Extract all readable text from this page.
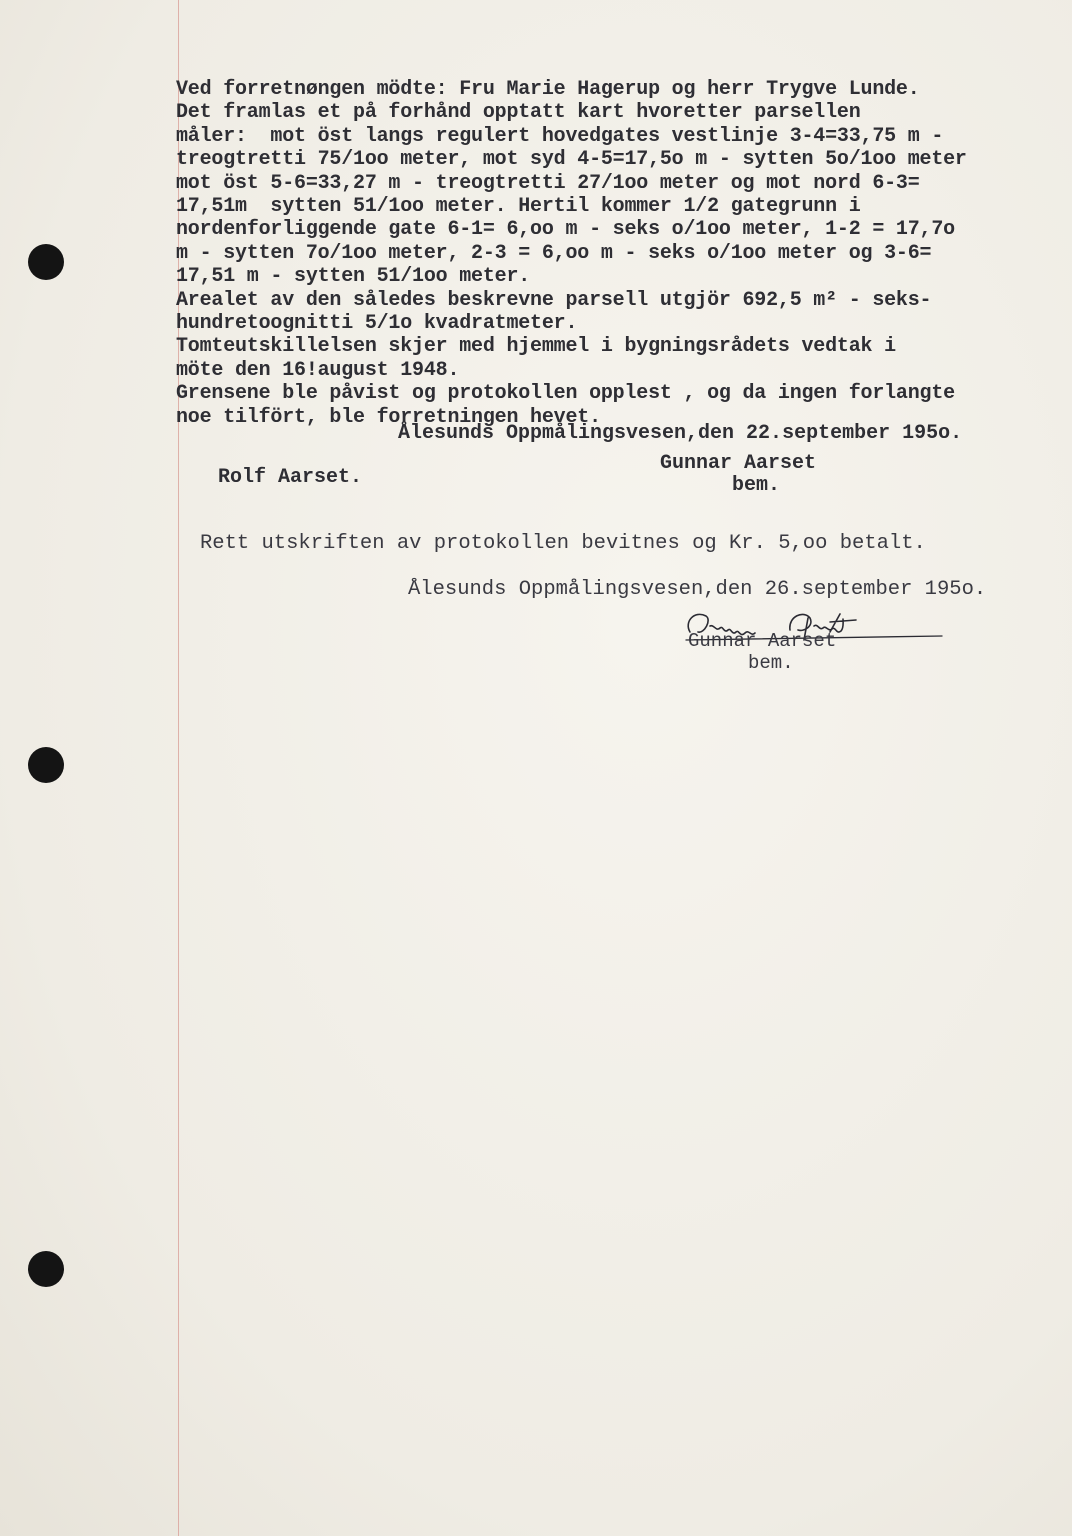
Ved forretnøngen mödte: Fru Marie Hagerup og herr Trygve Lunde.
Det framlas et på forhånd opptatt kart hvoretter parsellen
måler:  mot öst langs regulert hovedgates vestlinje 3-4=33,75 m -
treogtretti 75/1oo meter, mot syd 4-5=17,5o m - sytten 5o/1oo meter
mot öst 5-6=33,27 m - treogtretti 27/1oo meter og mot nord 6-3=
17,51m  sytten 51/1oo meter. Hertil kommer 1/2 gategrunn i
nordenforliggende gate 6-1= 6,oo m - seks o/1oo meter, 1-2 = 17,7o
m - sytten 7o/1oo meter, 2-3 = 6,oo m - seks o/1oo meter og 3-6=
17,51 m - sytten 51/1oo meter.
Arealet av den således beskrevne parsell utgjör 692,5 m² - seks-
hundretoognitti 5/1o kvadratmeter.
Tomteutskillelsen skjer med hjemmel i bygningsrådets vedtak i
möte den 16!august 1948.
Grensene ble påvist og protokollen opplest , og da ingen forlangte
noe tilfört, ble forretningen hevet.
Ålesunds Oppmålingsvesen,den 22.september 195o.
Rolf Aarset.
Gunnar Aarset
bem.
Rett utskriften av protokollen bevitnes og Kr. 5,oo betalt.
Ålesunds Oppmålingsvesen,den 26.september 195o.
Gunnar Aarset
bem.
